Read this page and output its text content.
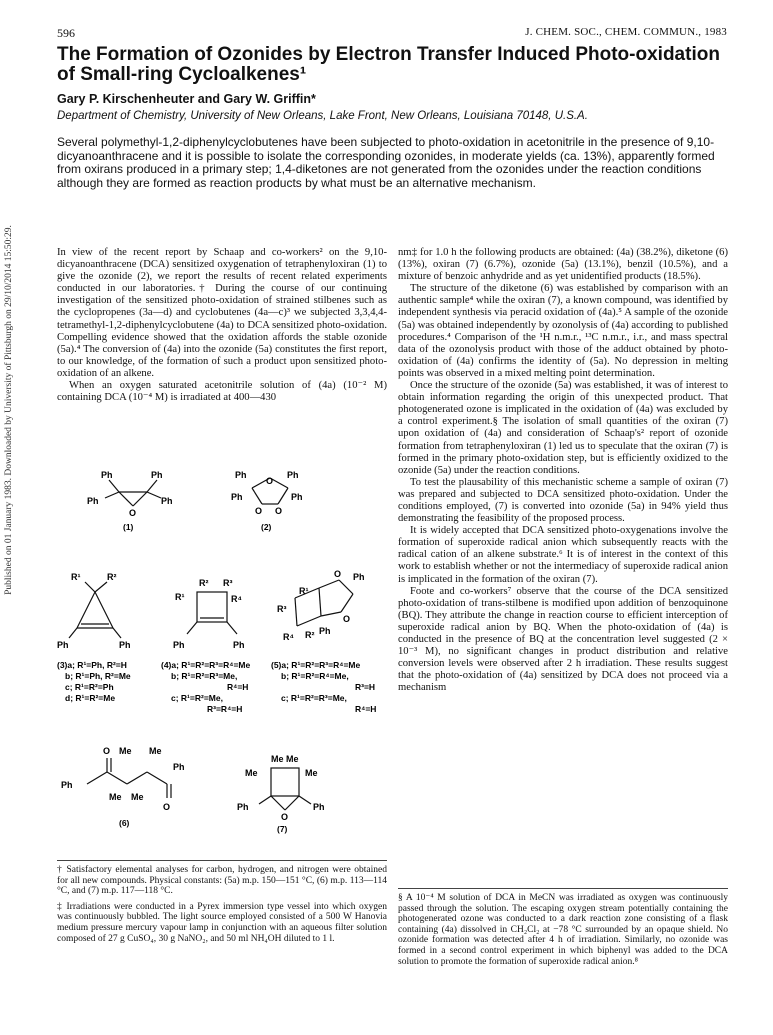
596	J. CHEM. SOC., CHEM. COMMUN., 1983
The Formation of Ozonides by Electron Transfer Induced Photo-oxidation of Small-ring Cycloalkenes¹
Gary P. Kirschenheuter and Gary W. Griffin*
Department of Chemistry, University of New Orleans, Lake Front, New Orleans, Louisiana 70148, U.S.A.
Several polymethyl-1,2-diphenylcyclobutenes have been subjected to photo-oxidation in acetonitrile in the presence of 9,10-dicyanoanthracene and it is possible to isolate the corresponding ozonides, in moderate yields (ca. 13%), apparently formed from oxirans produced in a primary step; 1,4-diketones are not generated from the ozonides under the reaction conditions although they are formed as reaction products by what must be an alternative mechanism.
Published on 01 January 1983. Downloaded by University of Pittsburgh on 29/10/2014 15:50:29.	In view of the recent report by Schaap and co-workers² on the 9,10-dicyanoanthracene (DCA) sensitized oxygenation of tetraphenyloxiran (1) to give the ozonide (2), we report the results of recent related experiments conducted in our laboratories.† During the course of our continuing investigation of the sensitized photo-oxidation of strained stilbenes such as the cyclopropenes (3a—d) and cyclobutenes (4a—c)³ we subjected 3,3,4,4-tetramethyl-1,2-diphenylcyclobutene (4a) to DCA sensitized photo-oxidation. Compelling evidence showed that the oxidation affords the stable ozonide (5a).⁴ The conversion of (4a) into the ozonide (5a) constitutes the first report, to our knowledge, of the formation of such a product upon sensitized photo-oxidation of an alkene.

When an oxygen saturated acetonitrile solution of (4a) (10⁻² M) containing DCA (10⁻⁴ M) is irradiated at 400—430

Ph	Ph
Ph	Ph
O
(1)
Ph	Ph
Ph	Ph
O
O O
(2)
R¹	R²
Ph	Ph
R¹
R² R³
R⁴
Ph	Ph
R¹
R³
R⁴ R² Ph
Ph
O
O
(3)a; R¹=Ph, R²=H
b; R¹=Ph, R²=Me
c; R¹=R²=Ph
d; R¹=R²=Me
(4)a; R¹=R²=R³=R⁴=Me
b; R¹=R²=R³=Me,
R⁴=H
c; R¹=R²=Me,
R³=R⁴=H
(5)a; R¹=R²=R³=R⁴=Me
b; R¹=R²=R⁴=Me,
R³=H
c; R¹=R²=R³=Me,
R⁴=H
O Me Me
Ph
Ph
Me Me
O
(6)
Me Me
Me	Me
Ph	Ph
O
(7)

nm‡ for 1.0 h the following products are obtained: (4a) (38.2%), diketone (6) (13%), oxiran (7) (6.7%), ozonide (5a) (13.1%), benzil (10.5%), and a mixture of benzoic anhydride and as yet unidentified products (18.5%).

The structure of the diketone (6) was established by comparison with an authentic sample⁴ while the oxiran (7), a known compound, was identified by independent synthesis via peracid oxidation of (4a).⁵ A sample of the ozonide (5a) was obtained independently by ozonolysis of (4a) according to published procedures.⁴ Comparison of the ¹H n.m.r., ¹³C n.m.r., i.r., and mass spectral data of the ozonolysis product with those of the adduct obtained by photo-oxidation of (4a) confirms the identity of (5a). No depression in melting points was observed in a mixed melting point determination.

Once the structure of the ozonide (5a) was established, it was of interest to obtain information regarding the origin of this unexpected product. That photogenerated ozone is implicated in the oxidation of (4a) was excluded by a control experiment.§ The isolation of small quantities of the oxiran (7) upon oxidation of (4a) and consideration of Schaap's² report of ozonide formation from tetraphenyloxiran (1) led us to speculate that the oxiran (7) is formed in the primary photo-oxidation step, but is efficiently oxidized to the ozonide (5a) under the reaction conditions.

To test the plausability of this mechanistic scheme a sample of oxiran (7) was prepared and subjected to DCA sensitized photo-oxidation. Under the conditions employed, (7) is converted into ozonide (5a) in 94% yield thus demonstrating the feasibility of the proposed process.

It is widely accepted that DCA sensitized photo-oxygenations involve the formation of superoxide radical anion which subsequently reacts with the radical cation of an alkene substrate.⁶ It is of interest in the context of this work to establish whether or not the intermediacy of superoxide radical anion is implicated in the formation of the oxiran (7).

Foote and co-workers⁷ observe that the course of the DCA sensitized photo-oxidation of trans-stilbene is modified upon addition of benzoquinone (BQ). They attribute the change in reaction course to efficient interception of superoxide radical anion by BQ. When the photo-oxidation of (4a) is conducted in the presence of BQ at the concentration level suggested (2 × 10⁻³ M), no significant changes in product distribution and relative conversion levels were observed after 2 h irradiation. These results suggest that the photo-oxidation of (4a) sensitized by DCA does not proceed via a mechanism

† Satisfactory elemental analyses for carbon, hydrogen, and nitrogen were obtained for all new compounds. Physical constants: (5a) m.p. 150—151 °C, (6) m.p. 113—114 °C, and (7) m.p. 117—118 °C.

‡ Irradiations were conducted in a Pyrex immersion type vessel into which oxygen was continuously bubbled. The light source employed consisted of a 500 W Hanovia medium pressure mercury vapour lamp in conjunction with an aqueous filter solution composed of 27 g CuSO₄, 30 g NaNO₂, and 50 ml NH₄OH diluted to 1 l.

§ A 10⁻⁴ M solution of DCA in MeCN was irradiated as oxygen was continuously passed through the solution. The escaping oxygen stream potentially containing the photogenerated ozone was conducted to a dark reaction zone consisting of a flask containing (4a) dissolved in CH₂Cl₂ at −78 °C surrounded by an opaque shield. No ozonide formation was detected after 4 h of irradiation. Similarly, no ozonide was formed in a second control experiment in which biphenyl was added to the DCA solution to promote the formation of superoxide radical anion.⁸
